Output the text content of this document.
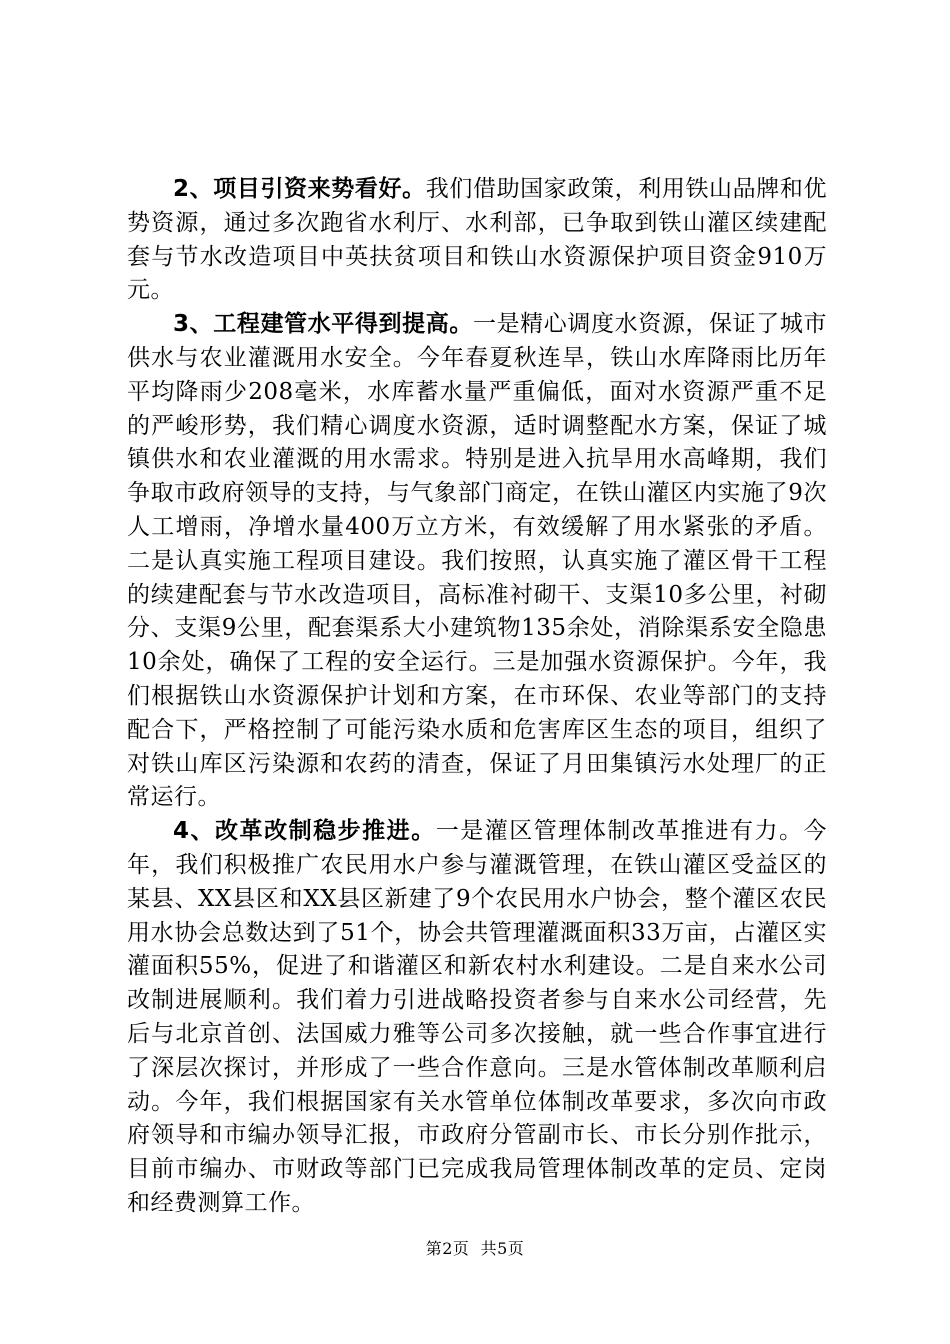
2、项目引资来势看好。我们借助国家政策，利用铁山品牌和优势资源，通过多次跑省水利厅、水利部，已争取到铁山灌区续建配套与节水改造项目中英扶贫项目和铁山水资源保护项目资金910万元。

3、工程建管水平得到提高。一是精心调度水资源，保证了城市供水与农业灌溉用水安全。今年春夏秋连旱，铁山水库降雨比历年平均降雨少208毫米，水库蓄水量严重偏低，面对水资源严重不足的严峻形势，我们精心调度水资源，适时调整配水方案，保证了城镇供水和农业灌溉的用水需求。特别是进入抗旱用水高峰期，我们争取市政府领导的支持，与气象部门商定，在铁山灌区内实施了9次人工增雨，净增水量400万立方米，有效缓解了用水紧张的矛盾。二是认真实施工程项目建设。我们按照，认真实施了灌区骨干工程的续建配套与节水改造项目，高标准衬砌干、支渠10多公里，衬砌分、支渠9公里，配套渠系大小建筑物135余处，消除渠系安全隐患10余处，确保了工程的安全运行。三是加强水资源保护。今年，我们根据铁山水资源保护计划和方案，在市环保、农业等部门的支持配合下，严格控制了可能污染水质和危害库区生态的项目，组织了对铁山库区污染源和农药的清查，保证了月田集镇污水处理厂的正常运行。

4、改革改制稳步推进。一是灌区管理体制改革推进有力。今年，我们积极推广农民用水户参与灌溉管理，在铁山灌区受益区的某县、XX县区和XX县区新建了9个农民用水户协会，整个灌区农民用水协会总数达到了51个，协会共管理灌溉面积33万亩，占灌区实灌面积55%，促进了和谐灌区和新农村水利建设。二是自来水公司改制进展顺利。我们着力引进战略投资者参与自来水公司经营，先后与北京首创、法国威力雅等公司多次接触，就一些合作事宜进行了深层次探讨，并形成了一些合作意向。三是水管体制改革顺利启动。今年，我们根据国家有关水管单位体制改革要求，多次向市政府领导和市编办领导汇报，市政府分管副市长、市长分别作批示，目前市编办、市财政等部门已完成我局管理体制改革的定员、定岗和经费测算工作。

第2页 共5页
